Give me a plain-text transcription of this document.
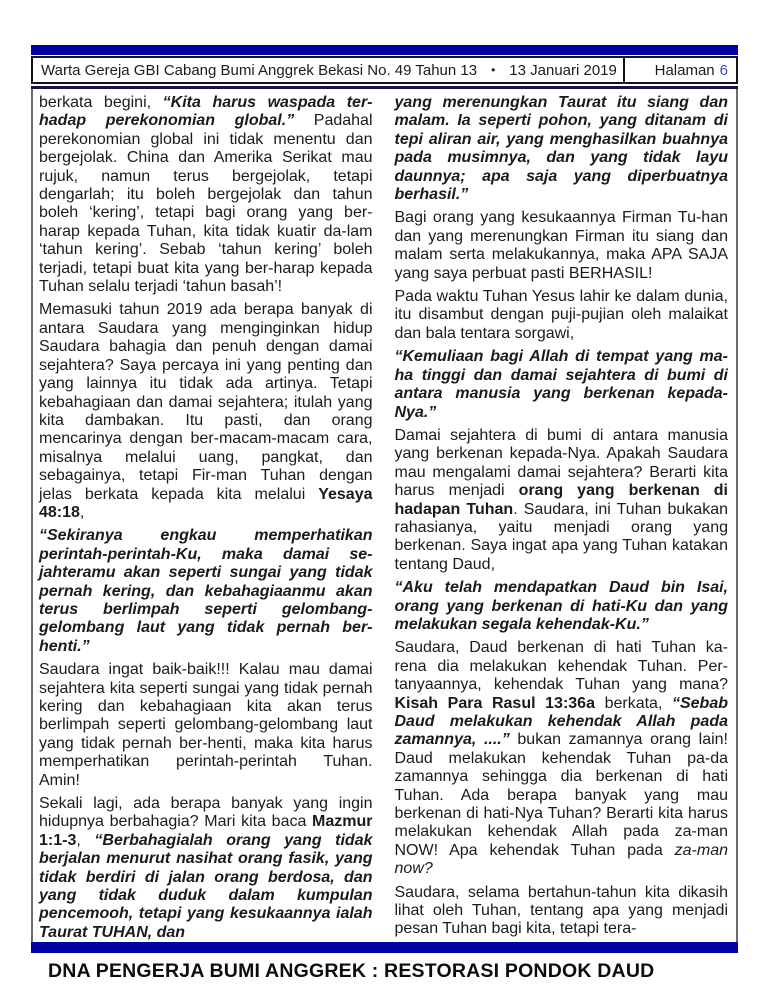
Warta Gereja GBI Cabang Bumi Anggrek Bekasi No. 49 Tahun 13 • 13 Januari 2019	Halaman 6

berkata begini, “Kita harus waspada ter-hadap perekonomian global.” Padahal perekonomian global ini tidak menentu dan bergejolak. China dan Amerika Serikat mau rujuk, namun terus bergejolak, tetapi dengarlah; itu boleh bergejolak dan tahun boleh ‘kering’, tetapi bagi orang yang ber-harap kepada Tuhan, kita tidak kuatir da-lam ‘tahun kering’. Sebab ‘tahun kering’ boleh terjadi, tetapi buat kita yang ber-harap kepada Tuhan selalu terjadi ‘tahun basah’!

Memasuki tahun 2019 ada berapa banyak di antara Saudara yang menginginkan hidup Saudara bahagia dan penuh dengan damai sejahtera? Saya percaya ini yang penting dan yang lainnya itu tidak ada artinya. Tetapi kebahagiaan dan damai sejahtera; itulah yang kita dambakan. Itu pasti, dan orang mencarinya dengan ber-macam-macam cara, misalnya melalui uang, pangkat, dan sebagainya, tetapi Fir-man Tuhan dengan jelas berkata kepada kita melalui Yesaya 48:18,

“Sekiranya engkau memperhatikan perintah-perintah-Ku, maka damai se-jahteramu akan seperti sungai yang tidak pernah kering, dan kebahagiaanmu akan terus berlimpah seperti gelombang-gelombang laut yang tidak pernah ber-henti.”

Saudara ingat baik-baik!!! Kalau mau damai sejahtera kita seperti sungai yang tidak pernah kering dan kebahagiaan kita akan terus berlimpah seperti gelombang-gelombang laut yang tidak pernah ber-henti, maka kita harus memperhatikan perintah-perintah Tuhan. Amin!

Sekali lagi, ada berapa banyak yang ingin hidupnya berbahagia? Mari kita baca Mazmur 1:1-3, “Berbahagialah orang yang tidak berjalan menurut nasihat orang fasik, yang tidak berdiri di jalan orang berdosa, dan yang tidak duduk dalam kumpulan pencemooh, tetapi yang kesukaannya ialah Taurat TUHAN, dan

yang merenungkan Taurat itu siang dan malam. Ia seperti pohon, yang ditanam di tepi aliran air, yang menghasilkan buahnya pada musimnya, dan yang tidak layu daunnya; apa saja yang diperbuatnya berhasil.”

Bagi orang yang kesukaannya Firman Tu-han dan yang merenungkan Firman itu siang dan malam serta melakukannya, maka APA SAJA yang saya perbuat pasti BERHASIL!

Pada waktu Tuhan Yesus lahir ke dalam dunia, itu disambut dengan puji-pujian oleh malaikat dan bala tentara sorgawi,

“Kemuliaan bagi Allah di tempat yang ma-ha tinggi dan damai sejahtera di bumi di antara manusia yang berkenan kepada-Nya.”

Damai sejahtera di bumi di antara manusia yang berkenan kepada-Nya. Apakah Saudara mau mengalami damai sejahtera? Berarti kita harus menjadi orang yang berkenan di hadapan Tuhan. Saudara, ini Tuhan bukakan rahasianya, yaitu menjadi orang yang berkenan. Saya ingat apa yang Tuhan katakan tentang Daud,

“Aku telah mendapatkan Daud bin Isai, orang yang berkenan di hati-Ku dan yang melakukan segala kehendak-Ku.”

Saudara, Daud berkenan di hati Tuhan ka-rena dia melakukan kehendak Tuhan. Per-tanyaannya, kehendak Tuhan yang mana? Kisah Para Rasul 13:36a berkata, “Sebab Daud melakukan kehendak Allah pada zamannya, ....” bukan zamannya orang lain! Daud melakukan kehendak Tuhan pa-da zamannya sehingga dia berkenan di hati Tuhan. Ada berapa banyak yang mau berkenan di hati-Nya Tuhan? Berarti kita harus melakukan kehendak Allah pada za-man NOW! Apa kehendak Tuhan pada za-man now?

Saudara, selama bertahun-tahun kita dikasih lihat oleh Tuhan, tentang apa yang menjadi pesan Tuhan bagi kita, tetapi tera-

DNA PENGERJA BUMI ANGGREK : RESTORASI PONDOK DAUD
